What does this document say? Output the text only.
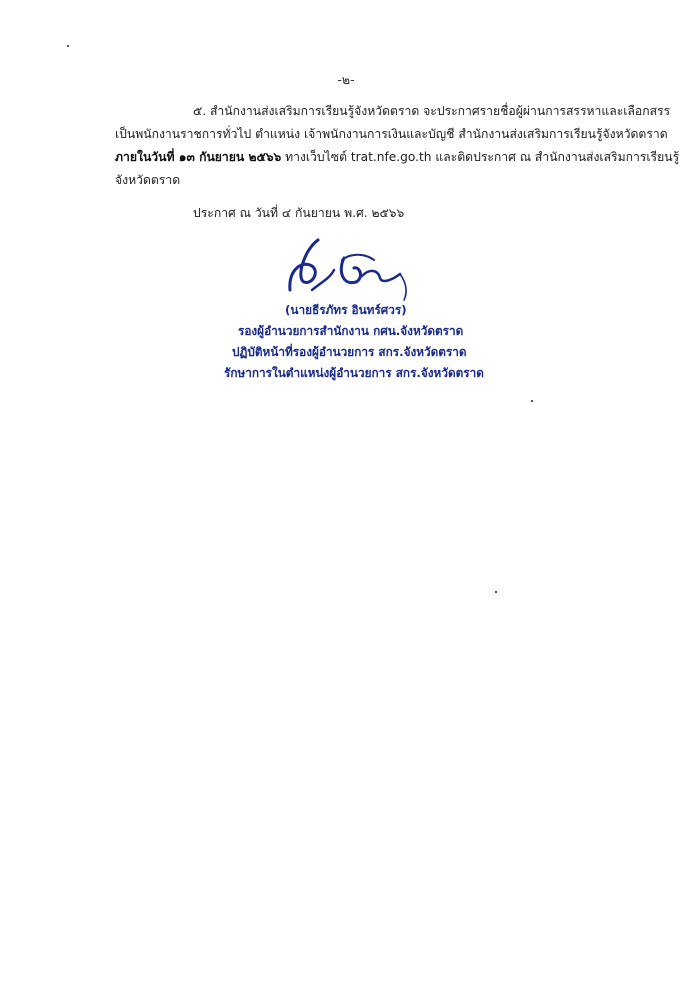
-๒-
๕. สำนักงานส่งเสริมการเรียนรู้จังหวัดตราด จะประกาศรายชื่อผู้ผ่านการสรรหาและเลือกสรร
เป็นพนักงานราชการทั่วไป ตำแหน่ง เจ้าพนักงานการเงินและบัญชี สำนักงานส่งเสริมการเรียนรู้จังหวัดตราด
ภายในวันที่ ๑๓ กันยายน ๒๕๖๖ ทางเว็บไซต์ trat.nfe.go.th และติดประกาศ ณ สำนักงานส่งเสริมการเรียนรู้
จังหวัดตราด
ประกาศ ณ วันที่ ๔ กันยายน พ.ศ. ๒๕๖๖
(นายธีรภัทร อินทร์ศวร)
รองผู้อำนวยการสำนักงาน กศน.จังหวัดตราด
ปฏิบัติหน้าที่รองผู้อำนวยการ สกร.จังหวัดตราด
รักษาการในตำแหน่งผู้อำนวยการ สกร.จังหวัดตราด
